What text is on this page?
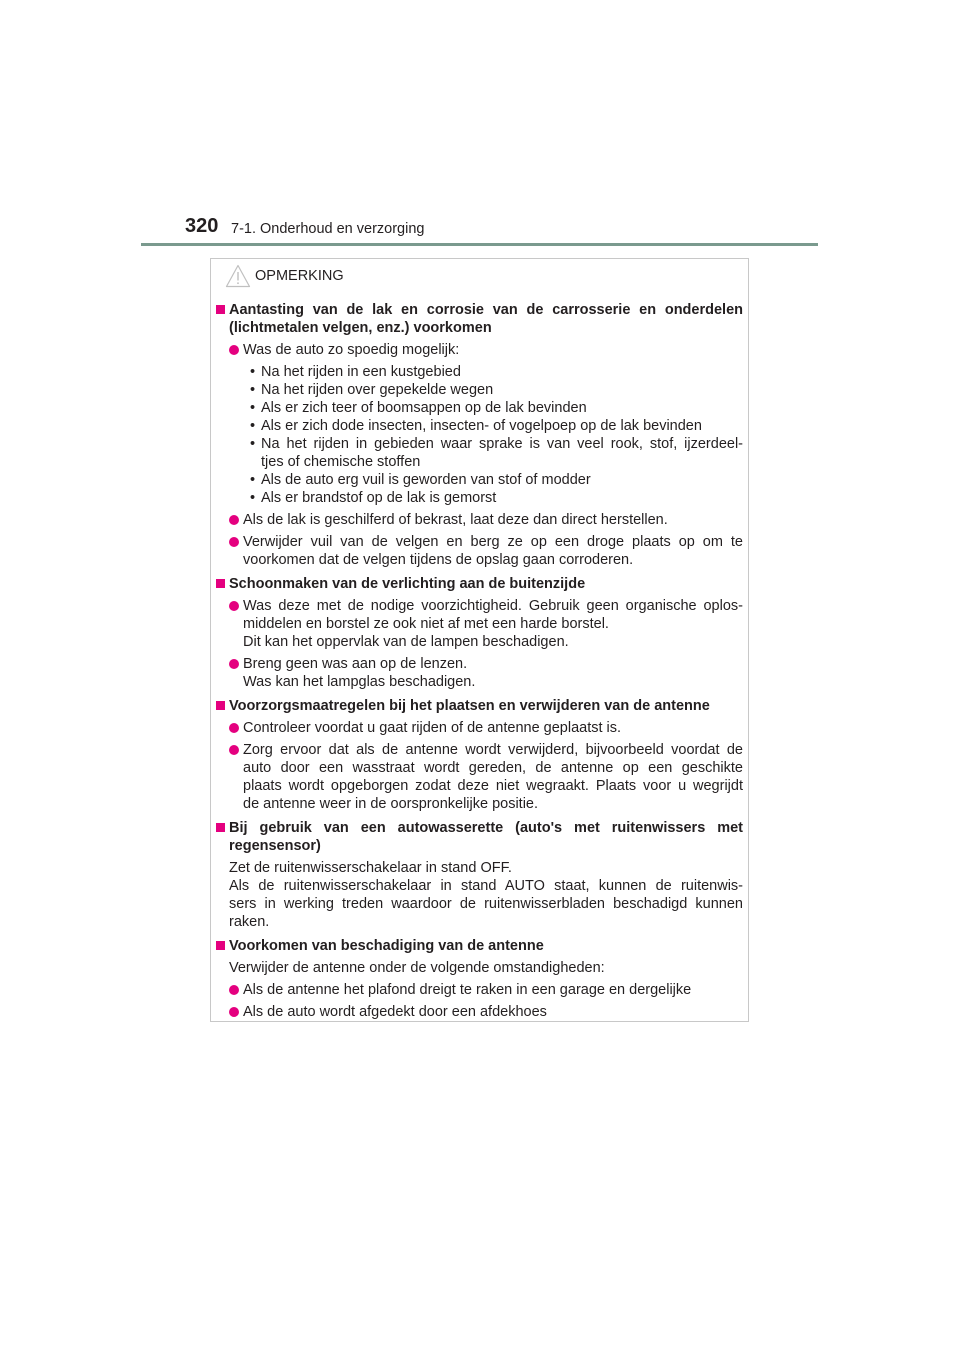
320 7-1. Onderhoud en verzorging
OPMERKING
Aantasting van de lak en corrosie van de carrosserie en onderdelen
(lichtmetalen velgen, enz.) voorkomen
Was de auto zo spoedig mogelijk:
• Na het rijden in een kustgebied
• Na het rijden over gepekelde wegen
• Als er zich teer of boomsappen op de lak bevinden
• Als er zich dode insecten, insecten- of vogelpoep op de lak bevinden
• Na het rijden in gebieden waar sprake is van veel rook, stof, ijzerdeel-
tjes of chemische stoffen
• Als de auto erg vuil is geworden van stof of modder
• Als er brandstof op de lak is gemorst
Als de lak is geschilferd of bekrast, laat deze dan direct herstellen.
Verwijder vuil van de velgen en berg ze op een droge plaats op om te
voorkomen dat de velgen tijdens de opslag gaan corroderen.
Schoonmaken van de verlichting aan de buitenzijde
Was deze met de nodige voorzichtigheid. Gebruik geen organische oplos-
middelen en borstel ze ook niet af met een harde borstel.
Dit kan het oppervlak van de lampen beschadigen.
Breng geen was aan op de lenzen.
Was kan het lampglas beschadigen.
Voorzorgsmaatregelen bij het plaatsen en verwijderen van de antenne
Controleer voordat u gaat rijden of de antenne geplaatst is.
Zorg ervoor dat als de antenne wordt verwijderd, bijvoorbeeld voordat de
auto door een wasstraat wordt gereden, de antenne op een geschikte
plaats wordt opgeborgen zodat deze niet wegraakt. Plaats voor u wegrijdt
de antenne weer in de oorspronkelijke positie.
Bij gebruik van een autowasserette (auto's met ruitenwissers met
regensensor)
Zet de ruitenwisserschakelaar in stand OFF.
Als de ruitenwisserschakelaar in stand AUTO staat, kunnen de ruitenwis-
sers in werking treden waardoor de ruitenwisserbladen beschadigd kunnen
raken.
Voorkomen van beschadiging van de antenne
Verwijder de antenne onder de volgende omstandigheden:
Als de antenne het plafond dreigt te raken in een garage en dergelijke
Als de auto wordt afgedekt door een afdekhoes
